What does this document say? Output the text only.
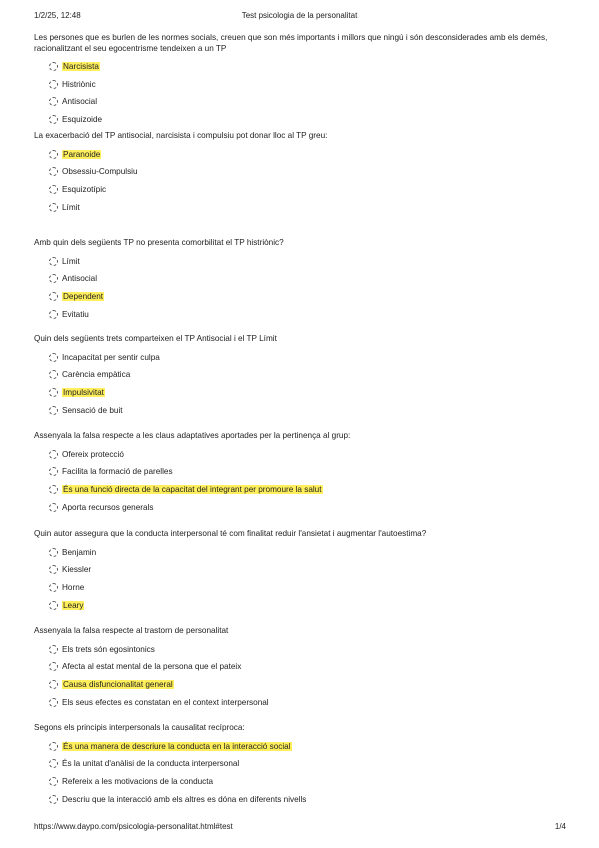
1/2/25, 12:48	Test psicologia de la personalitat
Les persones que es burlen de les normes socials, creuen que son més importants i millors que ningú i són desconsiderades amb els demés, racionalitzant el seu egocentrisme tendeixen a un TP
Narcisista
Histriònic
Antisocial
Esquizoide
La exacerbació del TP antisocial, narcisista i compulsiu pot donar lloc al TP greu:
Paranoide
Obsessiu-Compulsiu
Esquizotípic
Límit
Amb quin dels següents TP no presenta comorbilitat el TP histriònic?
Límit
Antisocial
Dependent
Evitatiu
Quin dels següents trets comparteixen el TP Antisocial i el TP Límit
Incapacitat per sentir culpa
Carència empàtica
Impulsivitat
Sensació de buit
Assenyala la falsa respecte a les claus adaptatives aportades per la pertinença al grup:
Ofereix protecció
Facilita la formació de parelles
És una funció directa de la capacitat del integrant per promoure la salut
Aporta recursos generals
Quin autor assegura que la conducta interpersonal té com finalitat reduir l'ansietat i augmentar l'autoestima?
Benjamin
Kiessler
Horne
Leary
Assenyala la falsa respecte al trastorn de personalitat
Els trets són egosintonics
Afecta al estat mental de la persona que el pateix
Causa disfuncionalitat general
Els seus efectes es constatan en el context interpersonal
Segons els principis interpersonals la causalitat recíproca:
És una manera de descriure la conducta en la interacció social
És la unitat d'anàlisi de la conducta interpersonal
Refereix a les motivacions de la conducta
Descriu que la interacció amb els altres es dóna en diferents nivells
https://www.daypo.com/psicologia-personalitat.html#test	1/4
